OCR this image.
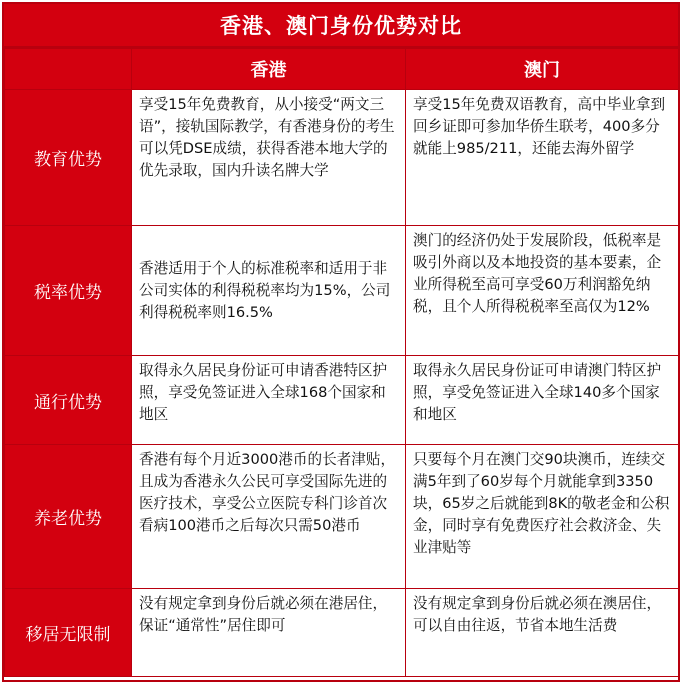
香港、澳门身份优势对比
	香港	澳门
教育优势	享受15年免费教育，从小接受“两文三语”，接轨国际教学，有香港身份的考生可以凭DSE成绩，获得香港本地大学的优先录取，国内升读名牌大学	享受15年免费双语教育，高中毕业拿到回乡证即可参加华侨生联考，400多分就能上985/211，还能去海外留学
税率优势	香港适用于个人的标准税率和适用于非公司实体的利得税税率均为15%，公司利得税税率则16.5%	澳门的经济仍处于发展阶段，低税率是吸引外商以及本地投资的基本要素，企业所得税至高可享受60万利润豁免纳税，且个人所得税税率至高仅为12%
通行优势	取得永久居民身份证可申请香港特区护照，享受免签证进入全球168个国家和地区	取得永久居民身份证可申请澳门特区护照，享受免签证进入全球140多个国家和地区
养老优势	香港有每个月近3000港币的长者津贴，且成为香港永久公民可享受国际先进的医疗技术，享受公立医院专科门诊首次看病100港币之后每次只需50港币	只要每个月在澳门交90块澳币，连续交满5年到了60岁每个月就能拿到3350块，65岁之后就能到8K的敬老金和公积金，同时享有免费医疗社会救济金、失业津贴等
移居无限制	没有规定拿到身份后就必须在港居住，保证“通常性”居住即可	没有规定拿到身份后就必须在澳居住，可以自由往返，节省本地生活费
